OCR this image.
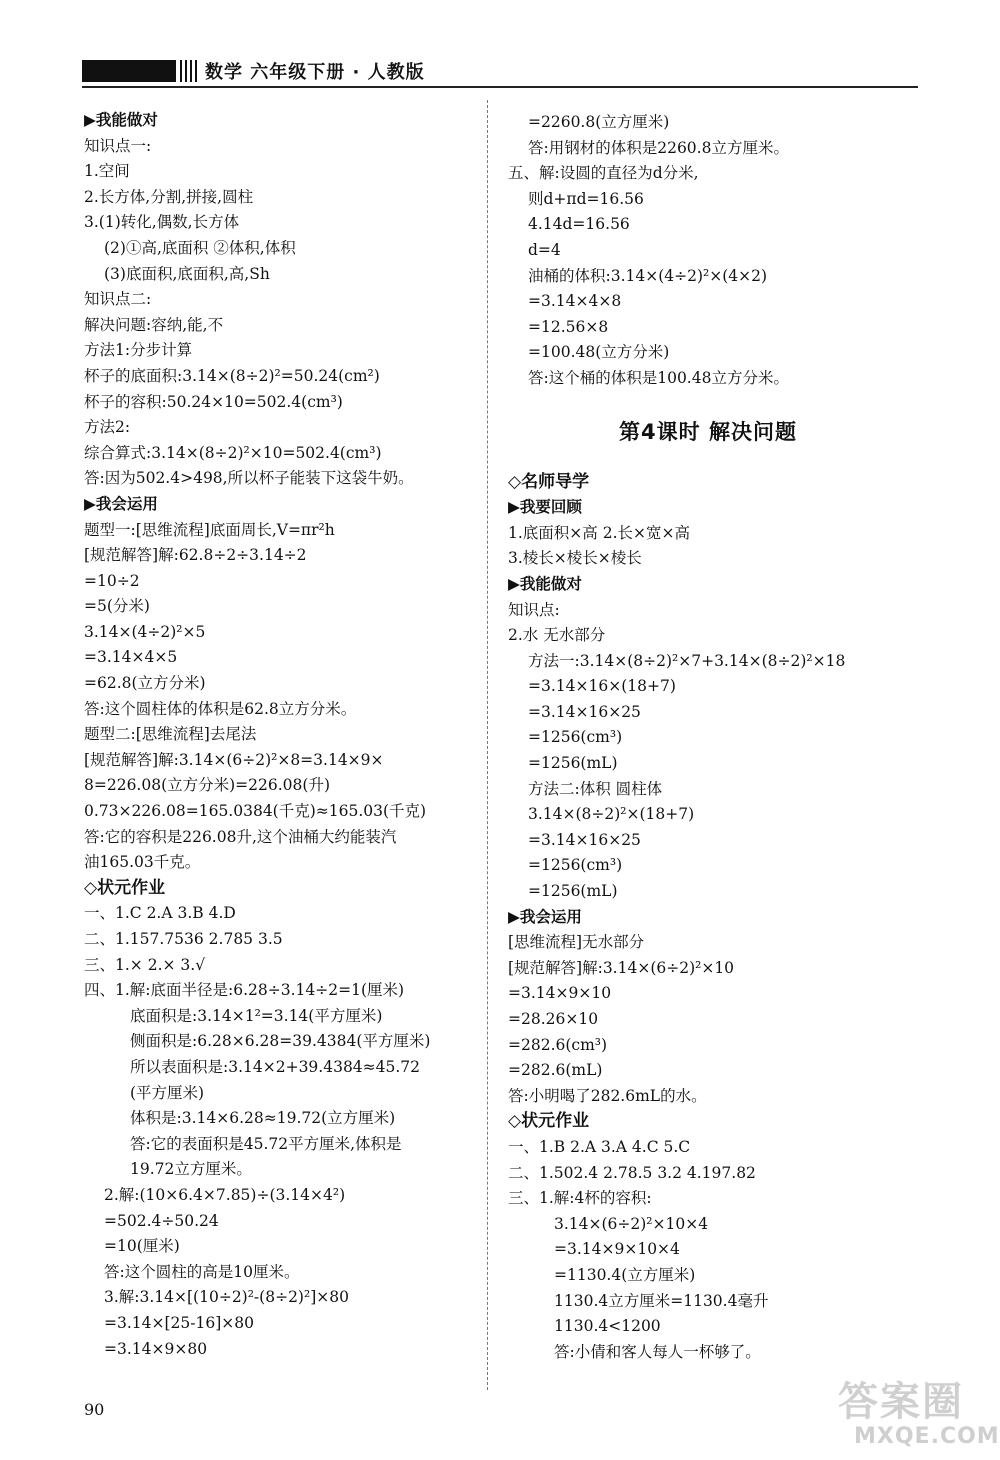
数学 六年级下册 · 人教版
▶我能做对
知识点一:
1.空间
2.长方体,分割,拼接,圆柱
3.(1)转化,偶数,长方体
(2)①高,底面积 ②体积,体积
(3)底面积,底面积,高,Sh
知识点二:
解决问题:容纳,能,不
方法1:分步计算
杯子的底面积:3.14×(8÷2)²=50.24(cm²)
杯子的容积:50.24×10=502.4(cm³)
方法2:
综合算式:3.14×(8÷2)²×10=502.4(cm³)
答:因为502.4>498,所以杯子能装下这袋牛奶。
▶我会运用
题型一:[思维流程]底面周长,V=πr²h
[规范解答]解:62.8÷2÷3.14÷2
=10÷2
=5(分米)
3.14×(4÷2)²×5
=3.14×4×5
=62.8(立方分米)
答:这个圆柱体的体积是62.8立方分米。
题型二:[思维流程]去尾法
[规范解答]解:3.14×(6÷2)²×8=3.14×9×
8=226.08(立方分米)=226.08(升)
0.73×226.08=165.0384(千克)≈165.03(千克)
答:它的容积是226.08升,这个油桶大约能装汽
油165.03千克。
◇状元作业
一、1.C 2.A 3.B 4.D
二、1.157.7536 2.785 3.5
三、1.× 2.× 3.√
四、1.解:底面半径是:6.28÷3.14÷2=1(厘米)
底面积是:3.14×1²=3.14(平方厘米)
侧面积是:6.28×6.28=39.4384(平方厘米)
所以表面积是:3.14×2+39.4384≈45.72
(平方厘米)
体积是:3.14×6.28≈19.72(立方厘米)
答:它的表面积是45.72平方厘米,体积是
19.72立方厘米。
2.解:(10×6.4×7.85)÷(3.14×4²)
=502.4÷50.24
=10(厘米)
答:这个圆柱的高是10厘米。
3.解:3.14×[(10÷2)²-(8÷2)²]×80
=3.14×[25-16]×80
=3.14×9×80
=2260.8(立方厘米)
答:用钢材的体积是2260.8立方厘米。
五、解:设圆的直径为d分米,
则d+πd=16.56
4.14d=16.56
d=4
油桶的体积:3.14×(4÷2)²×(4×2)
=3.14×4×8
=12.56×8
=100.48(立方分米)
答:这个桶的体积是100.48立方分米。
第4课时 解决问题
◇名师导学
▶我要回顾
1.底面积×高 2.长×宽×高
3.棱长×棱长×棱长
▶我能做对
知识点:
2.水 无水部分
方法一:3.14×(8÷2)²×7+3.14×(8÷2)²×18
=3.14×16×(18+7)
=3.14×16×25
=1256(cm³)
=1256(mL)
方法二:体积 圆柱体
3.14×(8÷2)²×(18+7)
=3.14×16×25
=1256(cm³)
=1256(mL)
▶我会运用
[思维流程]无水部分
[规范解答]解:3.14×(6÷2)²×10
=3.14×9×10
=28.26×10
=282.6(cm³)
=282.6(mL)
答:小明喝了282.6mL的水。
◇状元作业
一、1.B 2.A 3.A 4.C 5.C
二、1.502.4 2.78.5 3.2 4.197.82
三、1.解:4杯的容积:
3.14×(6÷2)²×10×4
=3.14×9×10×4
=1130.4(立方厘米)
1130.4立方厘米=1130.4毫升
1130.4<1200
答:小倩和客人每人一杯够了。
90	答案圈
MXQE.COM
